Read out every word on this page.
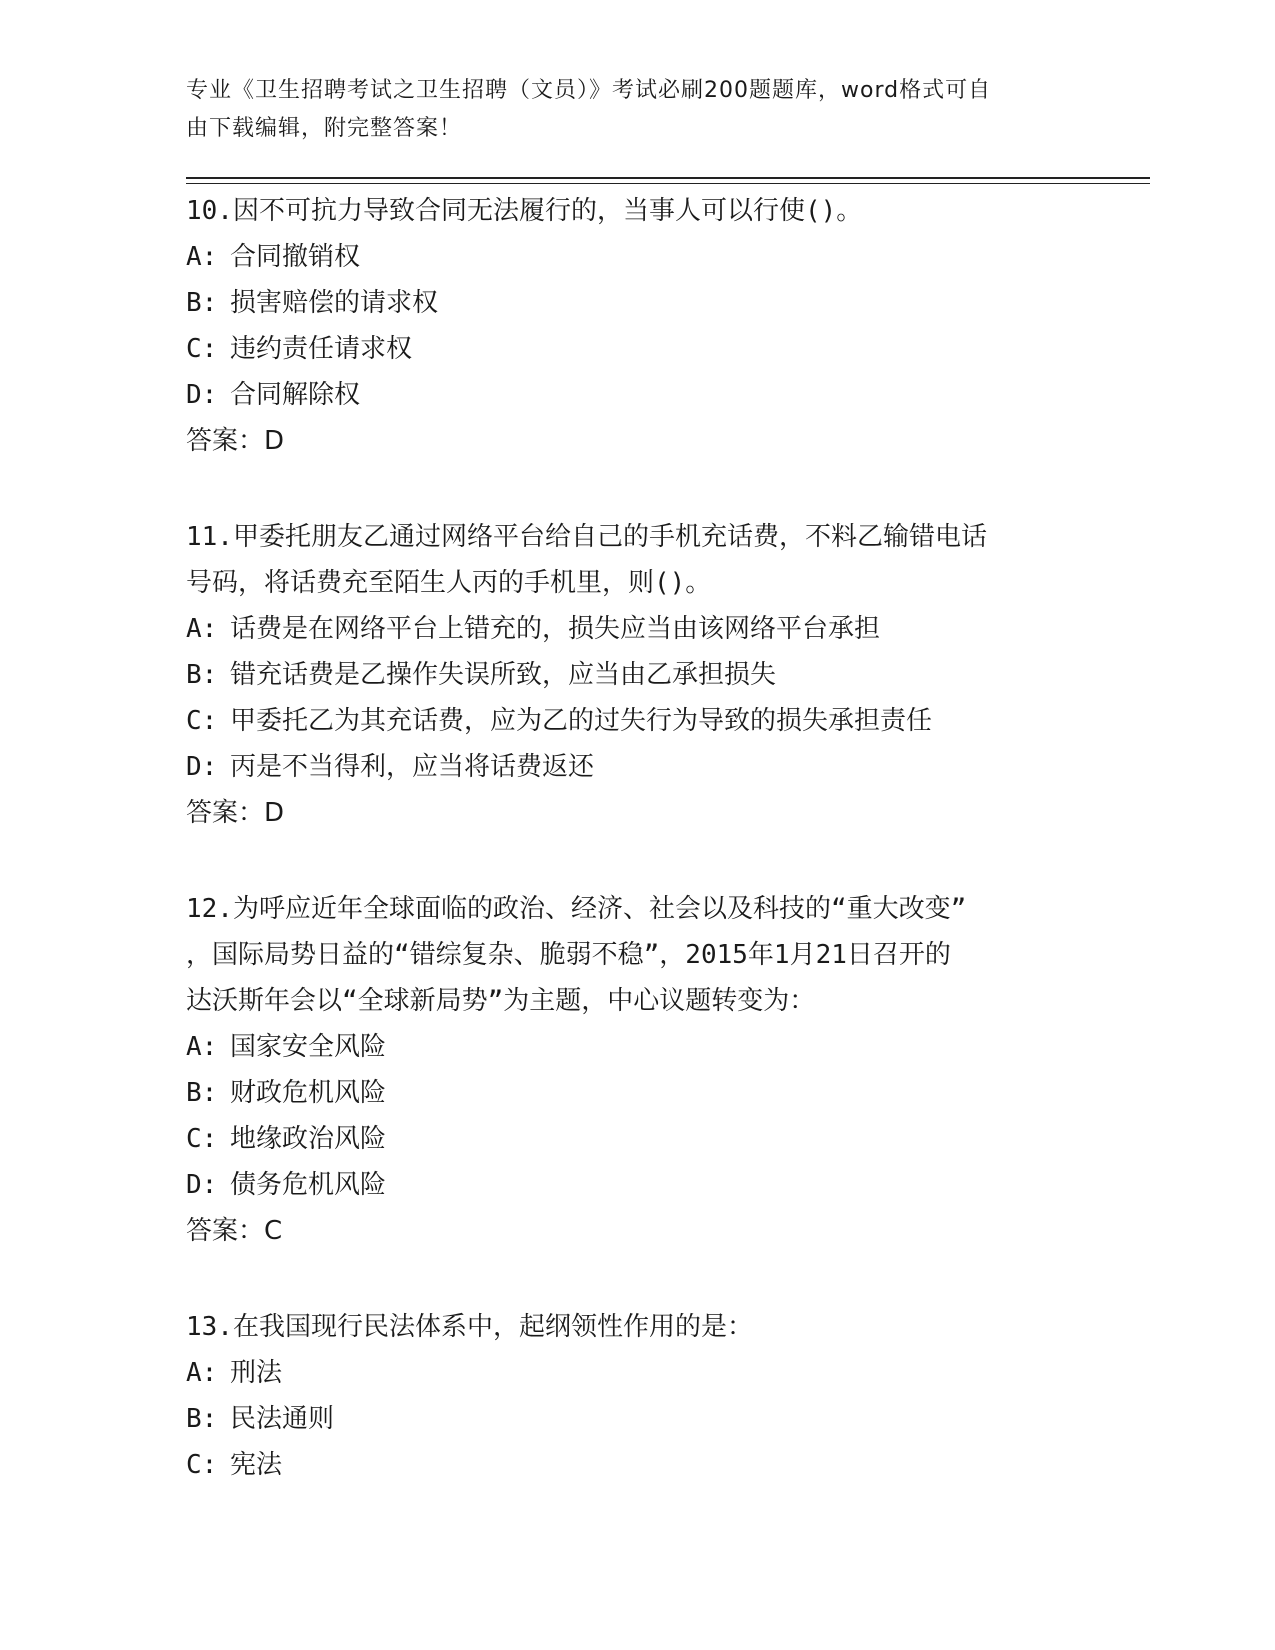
专业《卫生招聘考试之卫生招聘（文员）》考试必刷200题题库，word格式可自
由下载编辑，附完整答案！
10.因不可抗力导致合同无法履行的，当事人可以行使()。
A: 合同撤销权
B: 损害赔偿的请求权
C: 违约责任请求权
D: 合同解除权
答案：D
11.甲委托朋友乙通过网络平台给自己的手机充话费，不料乙输错电话
号码，将话费充至陌生人丙的手机里，则()。
A: 话费是在网络平台上错充的，损失应当由该网络平台承担
B: 错充话费是乙操作失误所致，应当由乙承担损失
C: 甲委托乙为其充话费，应为乙的过失行为导致的损失承担责任
D: 丙是不当得利，应当将话费返还
答案：D
12.为呼应近年全球面临的政治、经济、社会以及科技的“重大改变”
，国际局势日益的“错综复杂、脆弱不稳”，2015年1月21日召开的
达沃斯年会以“全球新局势”为主题，中心议题转变为：
A: 国家安全风险
B: 财政危机风险
C: 地缘政治风险
D: 债务危机风险
答案：C
13.在我国现行民法体系中，起纲领性作用的是：
A: 刑法
B: 民法通则
C: 宪法
